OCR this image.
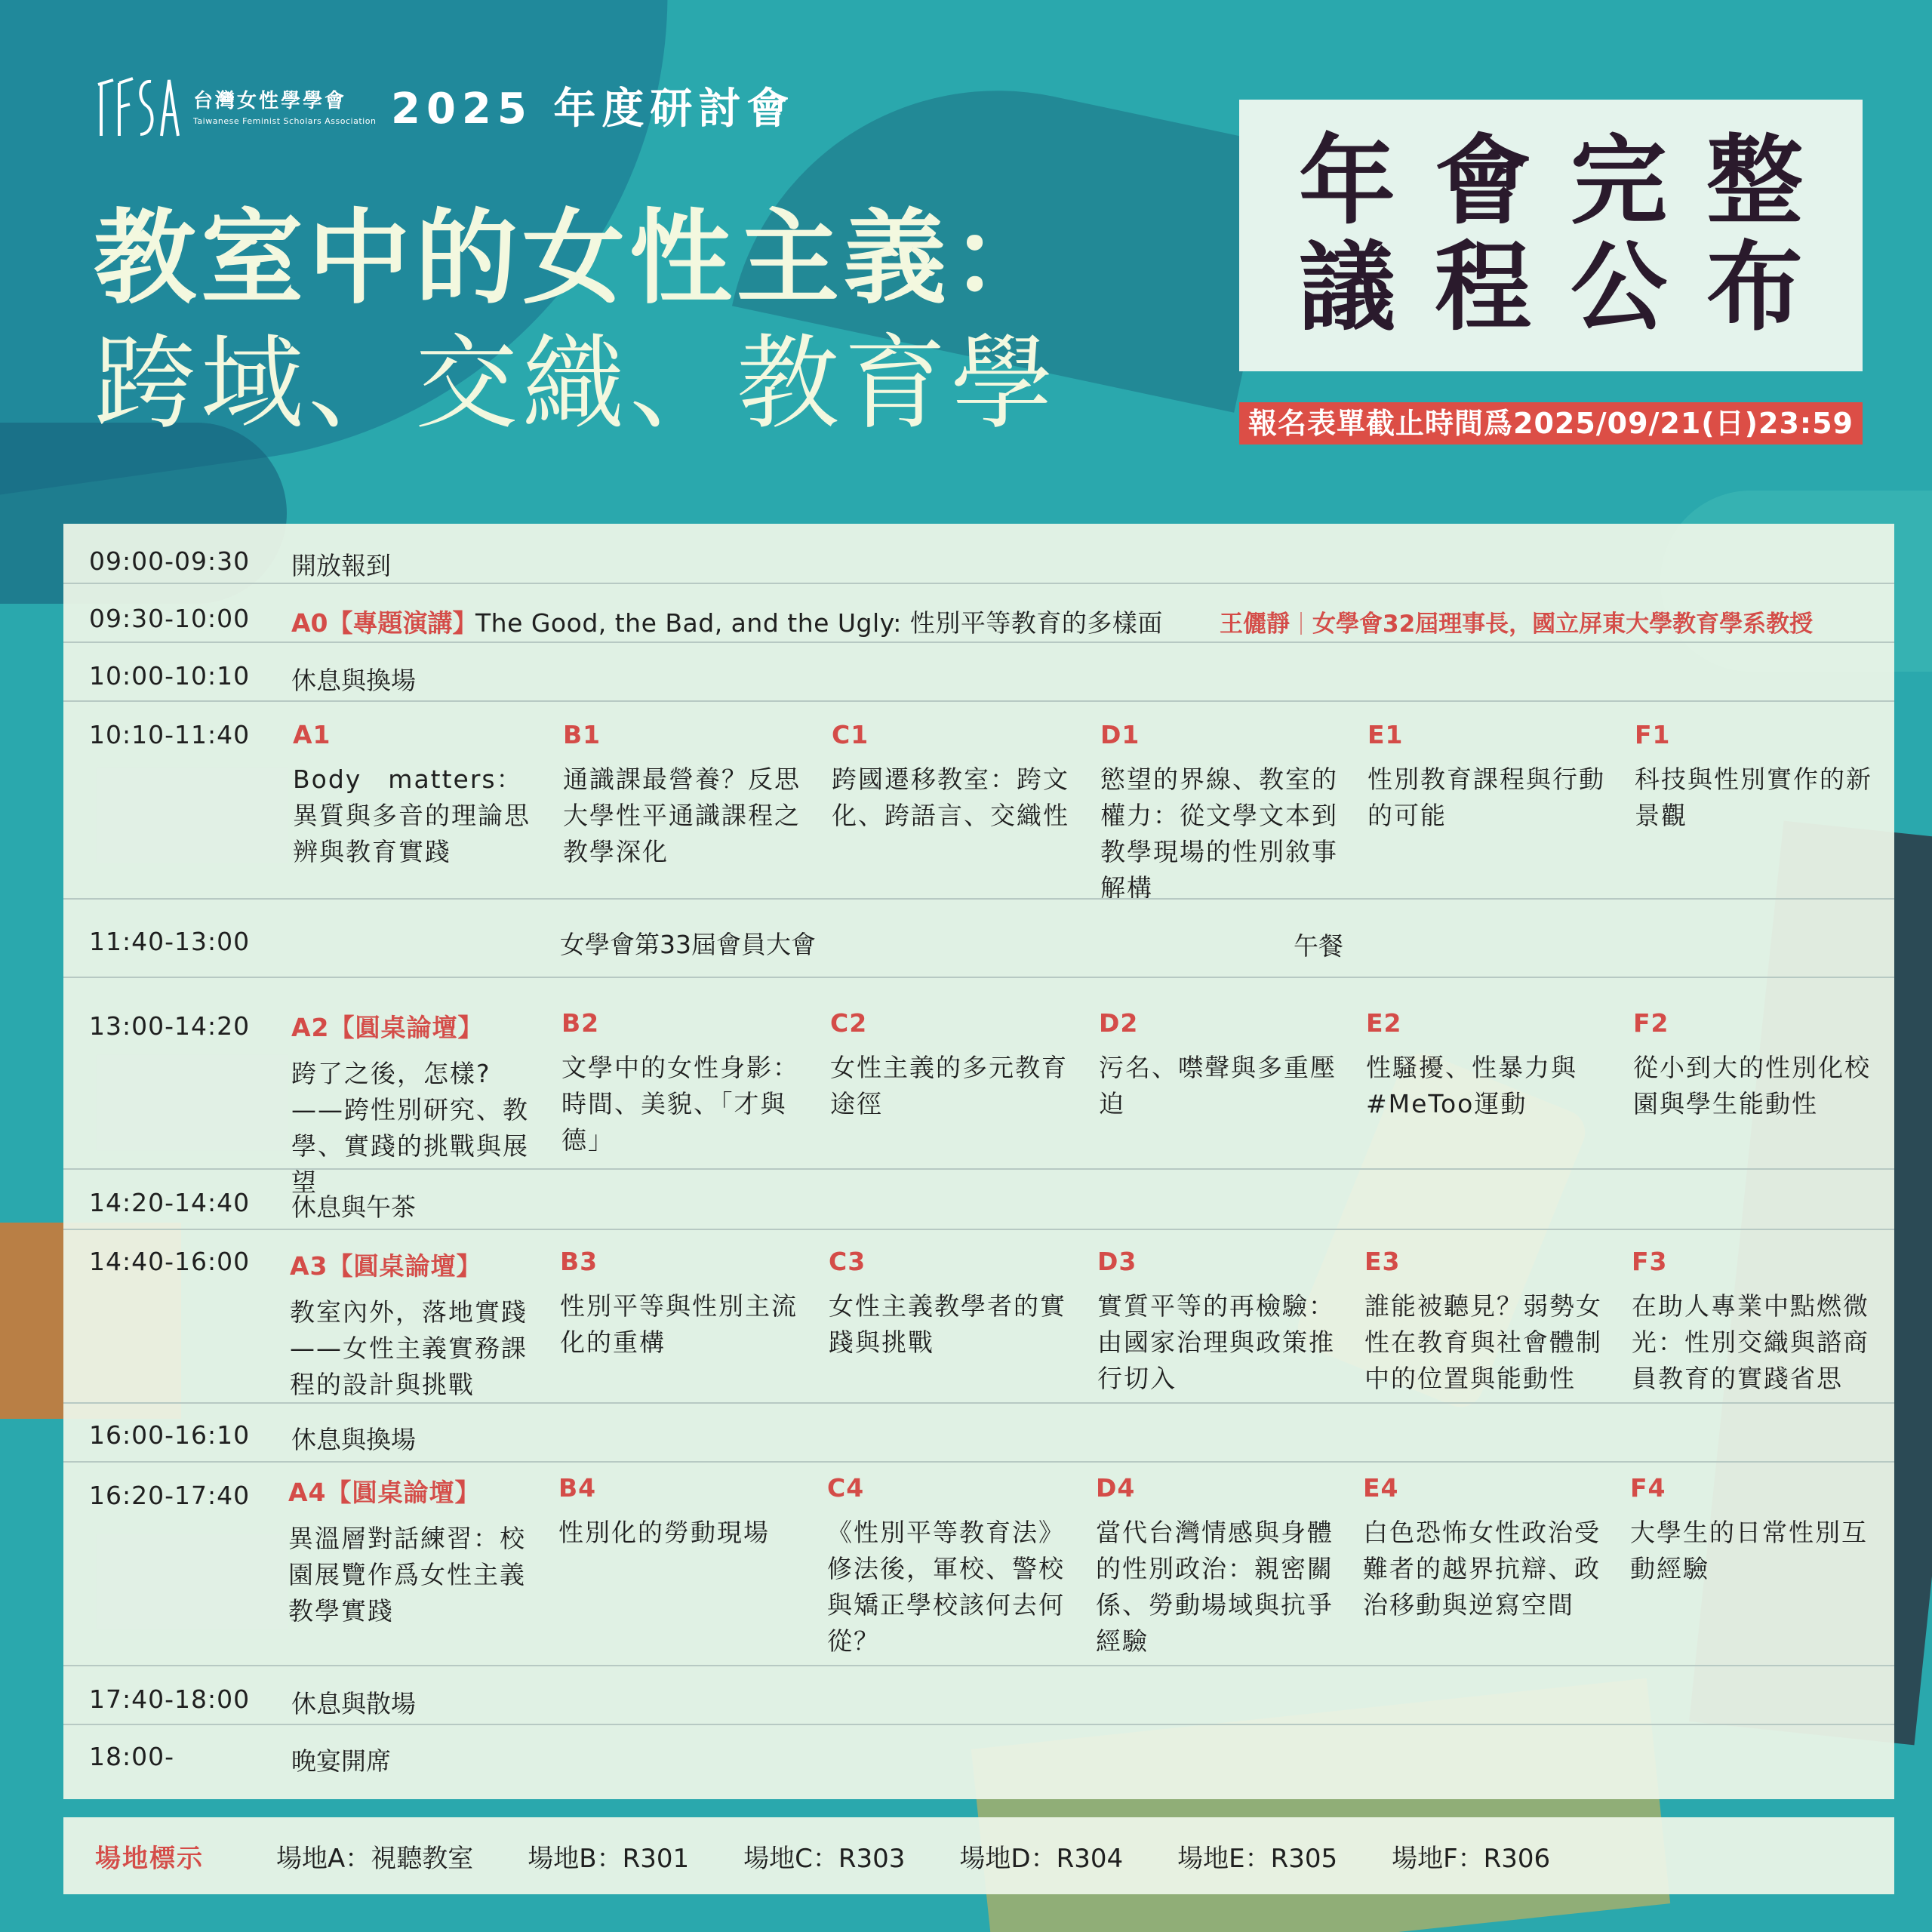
台灣女性學學會
Taiwanese Feminist Scholars Association 2025 年度研討會
教室中的女性主義：
跨域、交織、教育學
年會完整
議程公布
報名表單截止時間爲2025/09/21(日)23:59
09:00-09:30 開放報到
09:30-10:00 A0【專題演講】
The Good, the Bad, and the Ugly: 性別平等教育的多樣面 王儷靜 女學會32屆理事長，國立屏東大學教育學系教授
10:00-10:10 休息與換場
10:10-11:40 A1
Body　matters：異質與多音的理論思辨與教育實踐
B1
通識課最營養？反思大學性平通識課程之教學深化
C1
跨國遷移教室：跨文化、跨語言、交織性
D1
慾望的界線、教室的權力：從文學文本到教學現場的性別敘事解構
E1
性別教育課程與行動的可能
F1
科技與性別實作的新景觀
11:40-13:00	女學會第33屆會員大會	午餐
13:00-14:20 A2【圓桌論壇】
跨了之後，怎樣?——跨性別研究、教學、實踐的挑戰與展望
B2
文學中的女性身影：時間、美貌、「才與德」
C2
女性主義的多元教育途徑
D2
污名、噤聲與多重壓迫
E2
性騷擾、性暴力與#MeToo運動
F2
從小到大的性別化校園與學生能動性
14:20-14:40 休息與午茶
14:40-16:00 A3【圓桌論壇】
教室內外，落地實踐——女性主義實務課程的設計與挑戰
B3
性別平等與性別主流化的重構
C3
女性主義教學者的實踐與挑戰
D3
實質平等的再檢驗：由國家治理與政策推行切入
E3
誰能被聽見？弱勢女性在教育與社會體制中的位置與能動性
F3
在助人專業中點燃微光：性別交織與諮商員教育的實踐省思
16:00-16:10 休息與換場
16:20-17:40 A4【圓桌論壇】
異溫層對話練習：校園展覽作爲女性主義教學實踐
B4
性別化的勞動現場
C4
《性別平等教育法》修法後，軍校、警校與矯正學校該何去何從？
D4
當代台灣情感與身體的性別政治：親密關係、勞動場域與抗爭經驗
E4
白色恐怖女性政治受難者的越界抗辯、政治移動與逆寫空間
F4
大學生的日常性別互動經驗
17:40-18:00 休息與散場
18:00-	晚宴開席
場地標示	場地A：視聽教室 場地B：R301 場地C：R303 場地D：R304 場地E：R305 場地F：R306
